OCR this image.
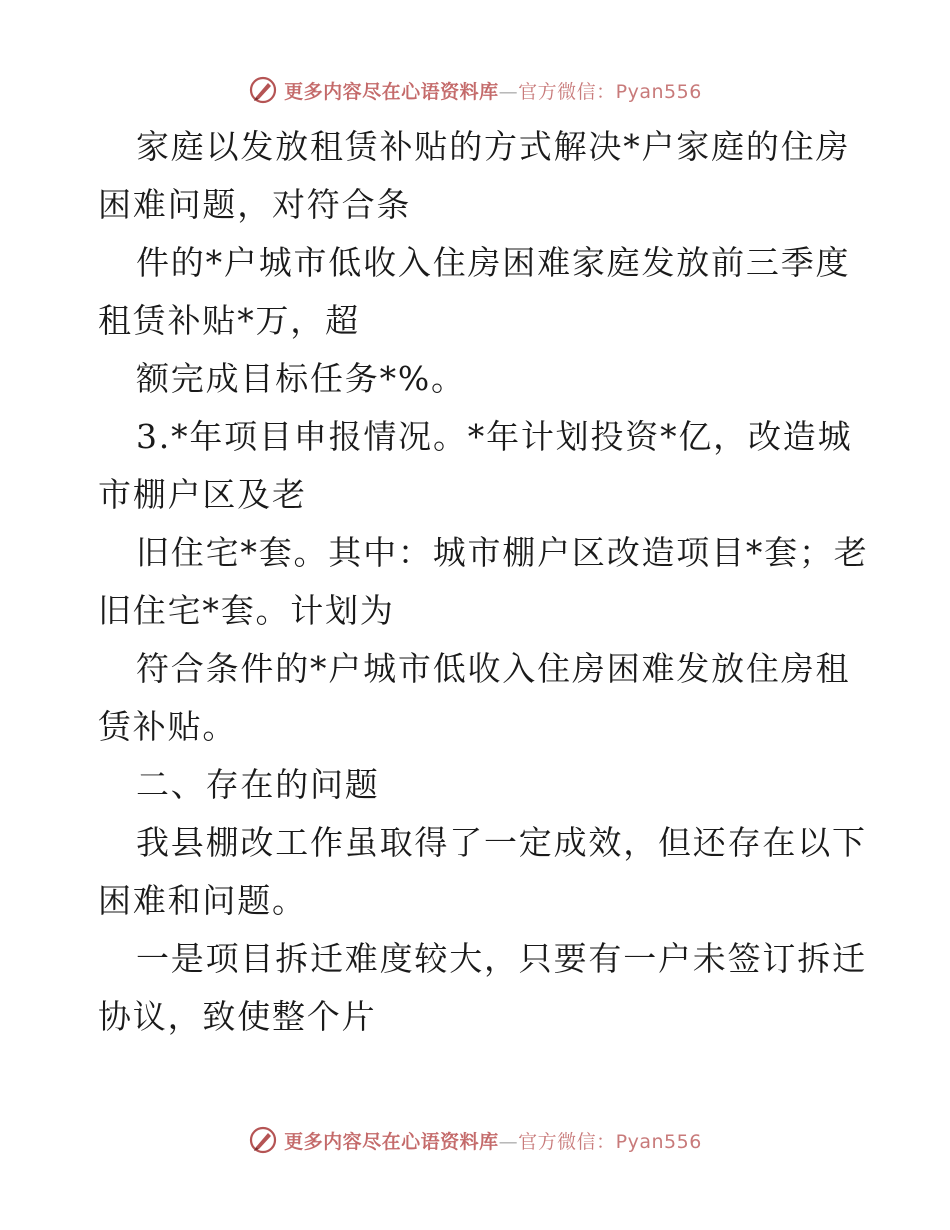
更多内容尽在心语资料库—官方微信：Pyan556
家庭以发放租赁补贴的方式解决*户家庭的住房
困难问题，对符合条
件的*户城市低收入住房困难家庭发放前三季度
租赁补贴*万，超
额完成目标任务*%。
3.*年项目申报情况。*年计划投资*亿，改造城
市棚户区及老
旧住宅*套。其中：城市棚户区改造项目*套；老
旧住宅*套。计划为
符合条件的*户城市低收入住房困难发放住房租
赁补贴。
二、存在的问题
我县棚改工作虽取得了一定成效，但还存在以下
困难和问题。
一是项目拆迁难度较大，只要有一户未签订拆迁
协议，致使整个片
更多内容尽在心语资料库—官方微信：Pyan556
